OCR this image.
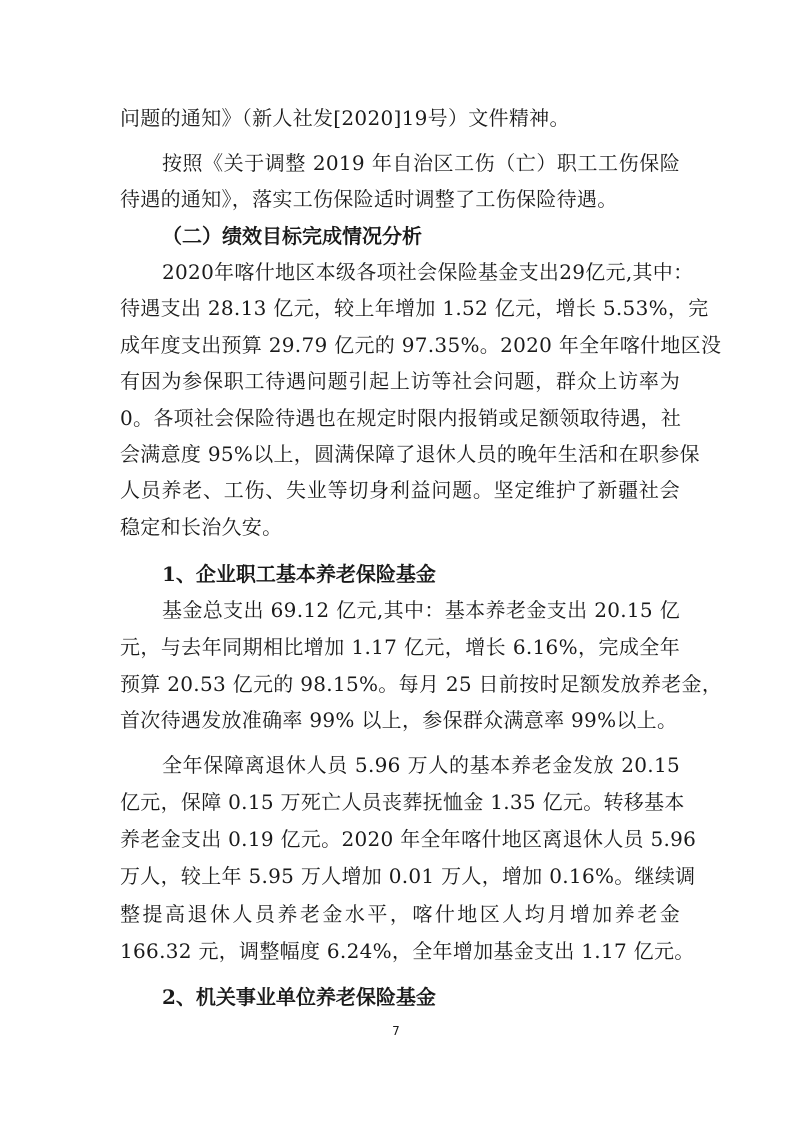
问题的通知》（新人社发[2020]19号）文件精神。
按照《关于调整 2019 年自治区工伤（亡）职工工伤保险
待遇的通知》，落实工伤保险适时调整了工伤保险待遇。
（二）绩效目标完成情况分析
2020年喀什地区本级各项社会保险基金支出29亿元,其中：
待遇支出 28.13 亿元，较上年增加 1.52 亿元，增长 5.53%，完
成年度支出预算 29.79 亿元的 97.35%。2020 年全年喀什地区没
有因为参保职工待遇问题引起上访等社会问题，群众上访率为
0。各项社会保险待遇也在规定时限内报销或足额领取待遇，社
会满意度 95%以上，圆满保障了退休人员的晚年生活和在职参保
人员养老、工伤、失业等切身利益问题。坚定维护了新疆社会
稳定和长治久安。
1、企业职工基本养老保险基金
基金总支出 69.12 亿元,其中：基本养老金支出 20.15 亿
元，与去年同期相比增加 1.17 亿元，增长 6.16%，完成全年
预算 20.53 亿元的 98.15%。每月 25 日前按时足额发放养老金，
首次待遇发放准确率 99% 以上，参保群众满意率 99%以上。
全年保障离退休人员 5.96 万人的基本养老金发放 20.15
亿元，保障 0.15 万死亡人员丧葬抚恤金 1.35 亿元。转移基本
养老金支出 0.19 亿元。2020 年全年喀什地区离退休人员 5.96
万人，较上年 5.95 万人增加 0.01 万人，增加 0.16%。继续调
整提高退休人员养老金水平，喀什地区人均月增加养老金
166.32 元，调整幅度 6.24%，全年增加基金支出 1.17 亿元。
2、机关事业单位养老保险基金
7
